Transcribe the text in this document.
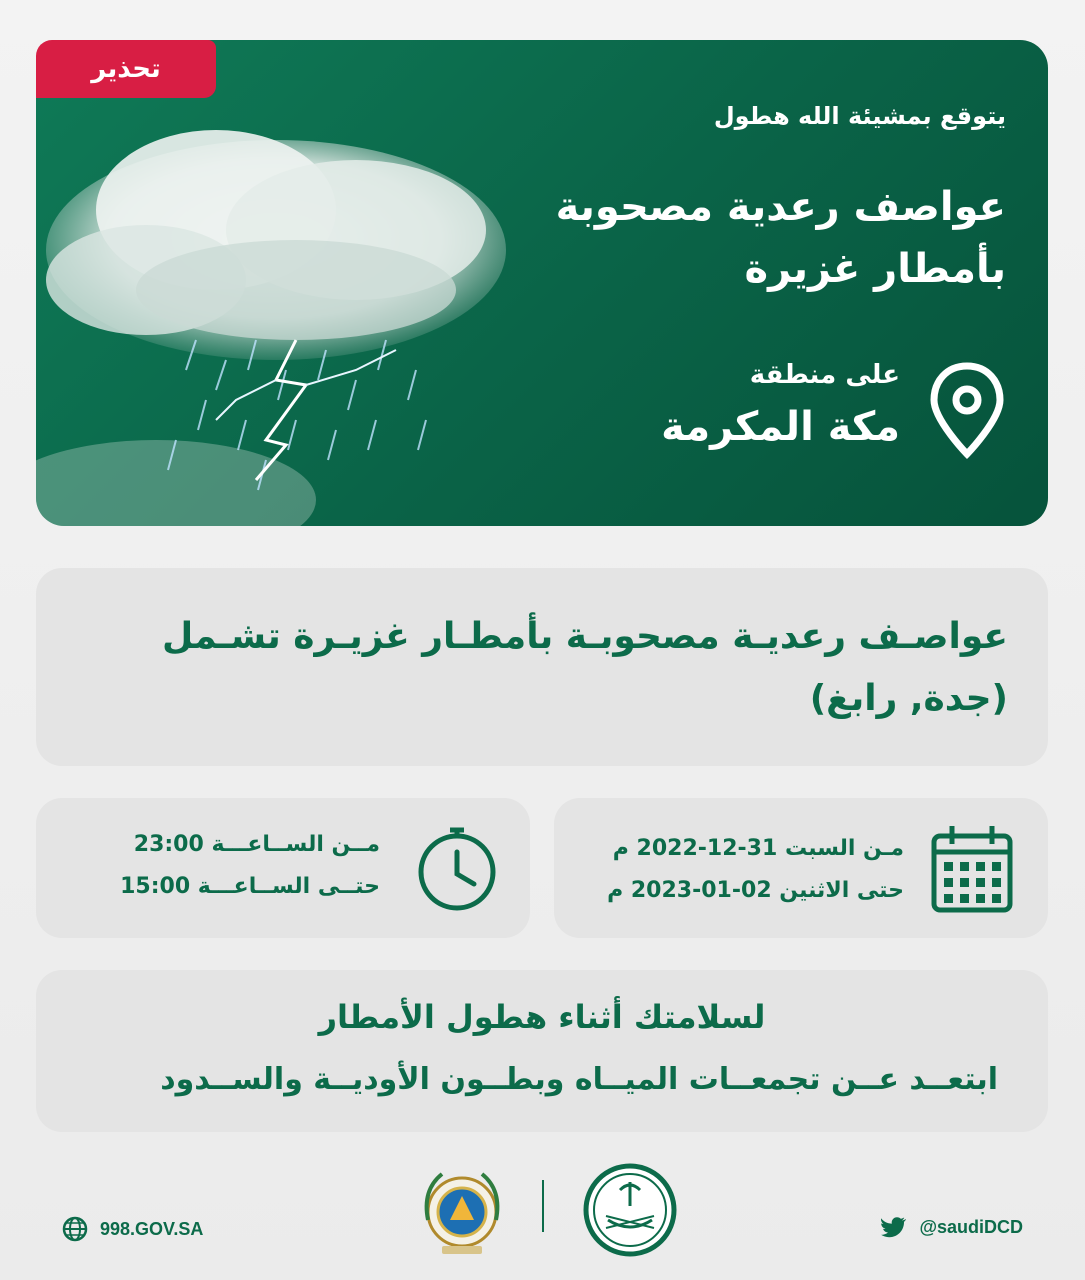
يتوقع بمشيئة الله هطول
عواصف رعدية مصحوبة
بأمطار غزيرة
على منطقة
مكة المكرمة
تحذير
عواصـف رعديـة مصحوبـة بأمطـار غزيـرة تشـمل
(جدة, رابغ)
مــن الســاعـــة 23:00
حتــى الســاعـــة 15:00
مـن السبت 31-12-2022 م
حتى الاثنين 02-01-2023 م
لسلامتك أثناء هطول الأمطار
ابتعــد عــن تجمعــات الميــاه وبطــون الأوديــة والســدود
998.GOV.SA	@saudiDCD
